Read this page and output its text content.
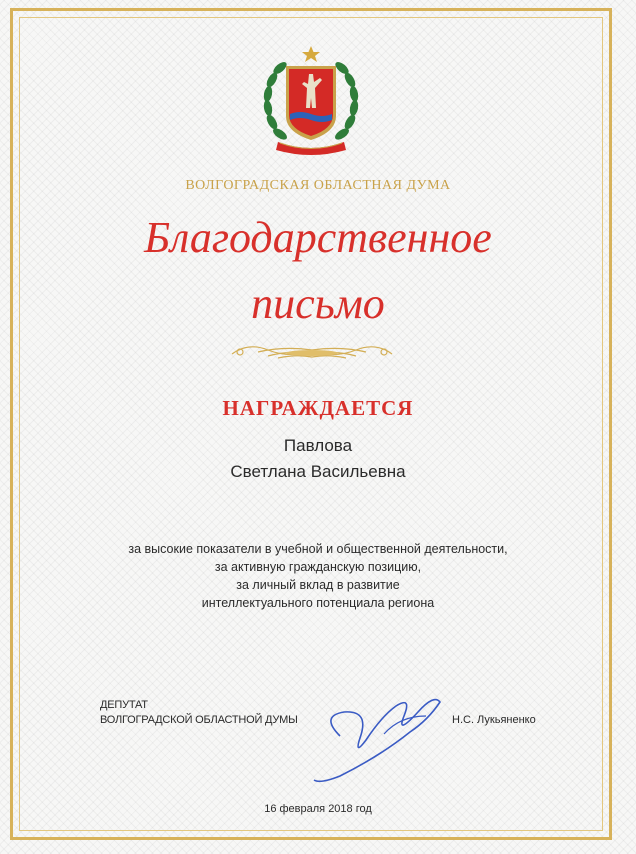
ВОЛГОГРАДСКАЯ ОБЛАСТНАЯ ДУМА
Благодарственное
письмо
НАГРАЖДАЕТСЯ
Павлова
Светлана Васильевна
за высокие показатели в учебной и общественной деятельности,
за активную гражданскую позицию,
за личный вклад в развитие
интеллектуального потенциала региона
ДЕПУТАТ
ВОЛГОГРАДСКОЙ ОБЛАСТНОЙ ДУМЫ	Н.С. Лукьяненко
16 февраля 2018 год
